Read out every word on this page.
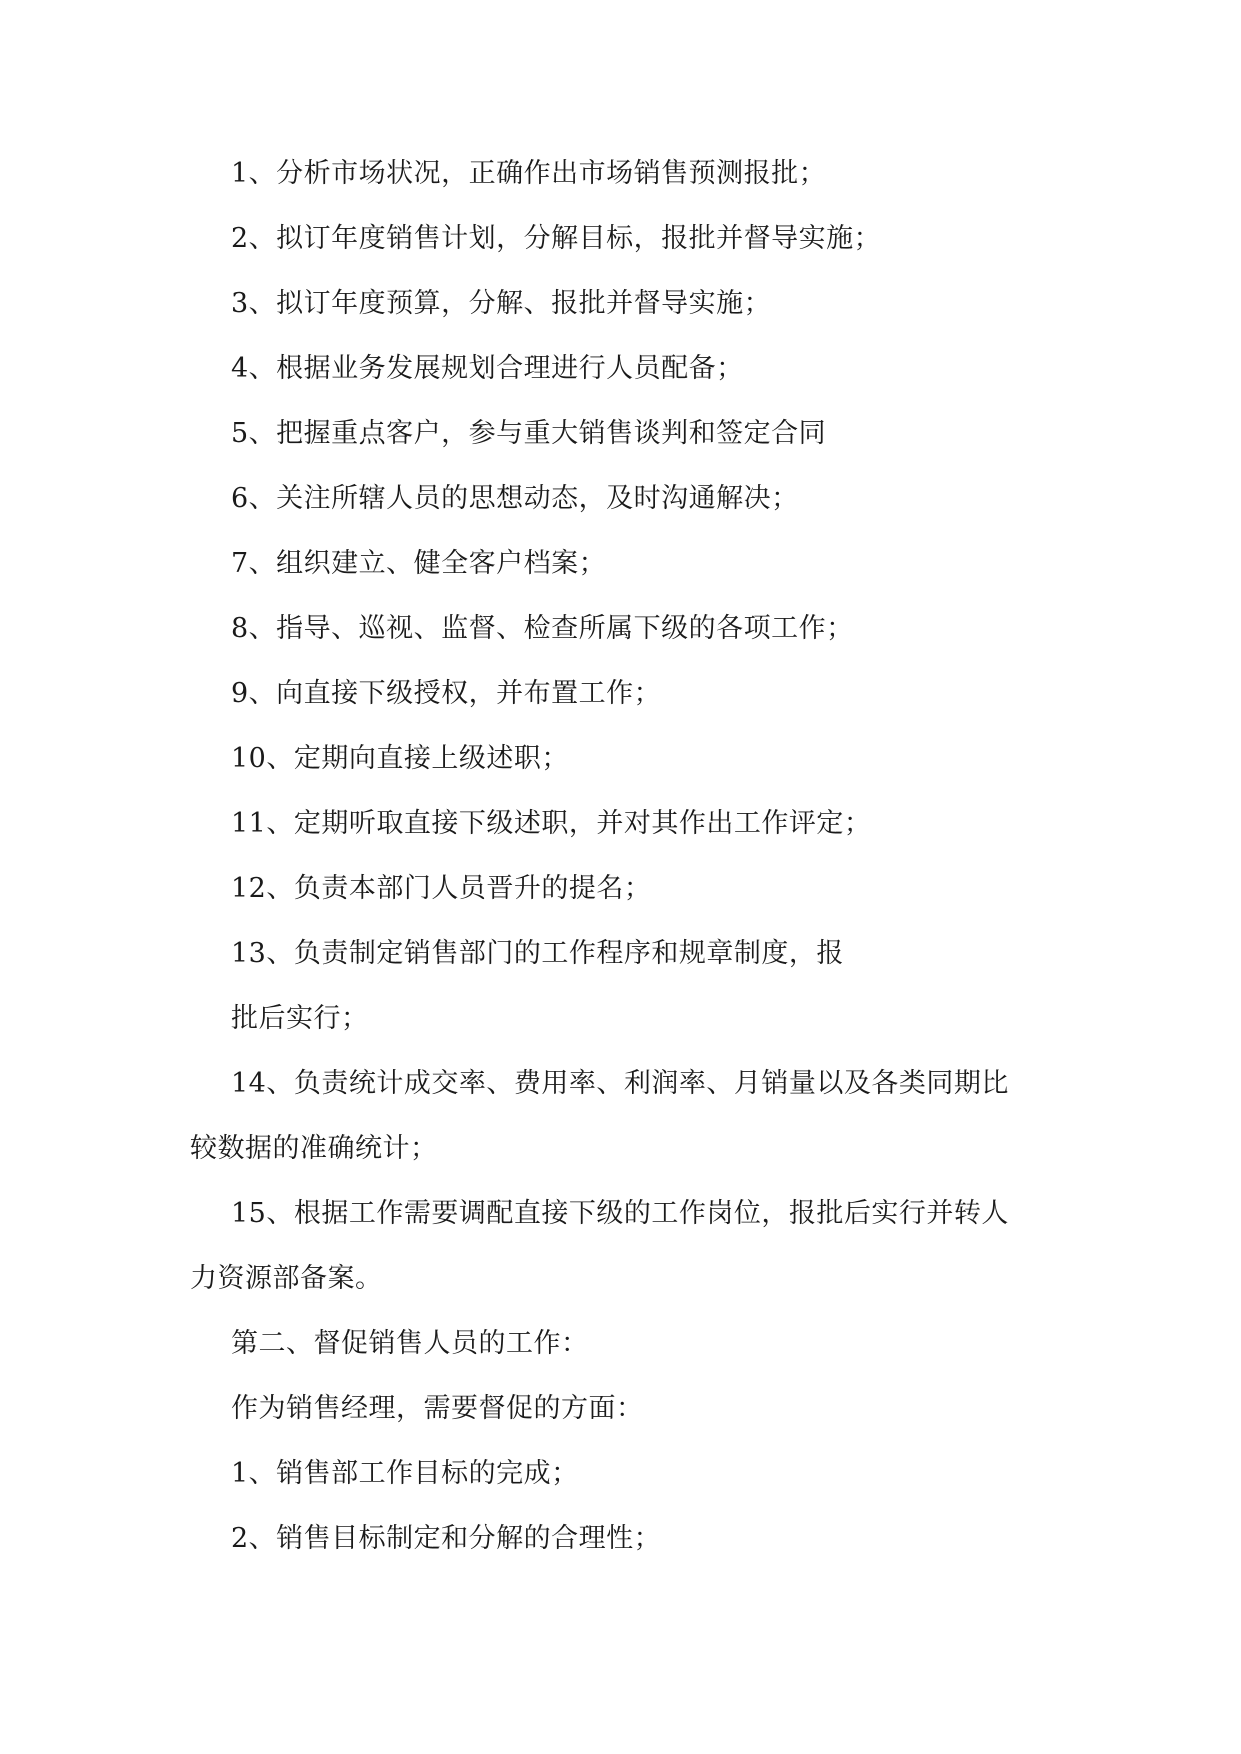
1、分析市场状况，正确作出市场销售预测报批；
2、拟订年度销售计划，分解目标，报批并督导实施；
3、拟订年度预算，分解、报批并督导实施；
4、根据业务发展规划合理进行人员配备；
5、把握重点客户，参与重大销售谈判和签定合同
6、关注所辖人员的思想动态，及时沟通解决；
7、组织建立、健全客户档案；
8、指导、巡视、监督、检查所属下级的各项工作；
9、向直接下级授权，并布置工作；
10、定期向直接上级述职；
11、定期听取直接下级述职，并对其作出工作评定；
12、负责本部门人员晋升的提名；
13、负责制定销售部门的工作程序和规章制度，报
批后实行；
14、负责统计成交率、费用率、利润率、月销量以及各类同期比
较数据的准确统计；
15、根据工作需要调配直接下级的工作岗位，报批后实行并转人
力资源部备案。
第二、督促销售人员的工作：
作为销售经理，需要督促的方面：
1、销售部工作目标的完成；
2、销售目标制定和分解的合理性；
